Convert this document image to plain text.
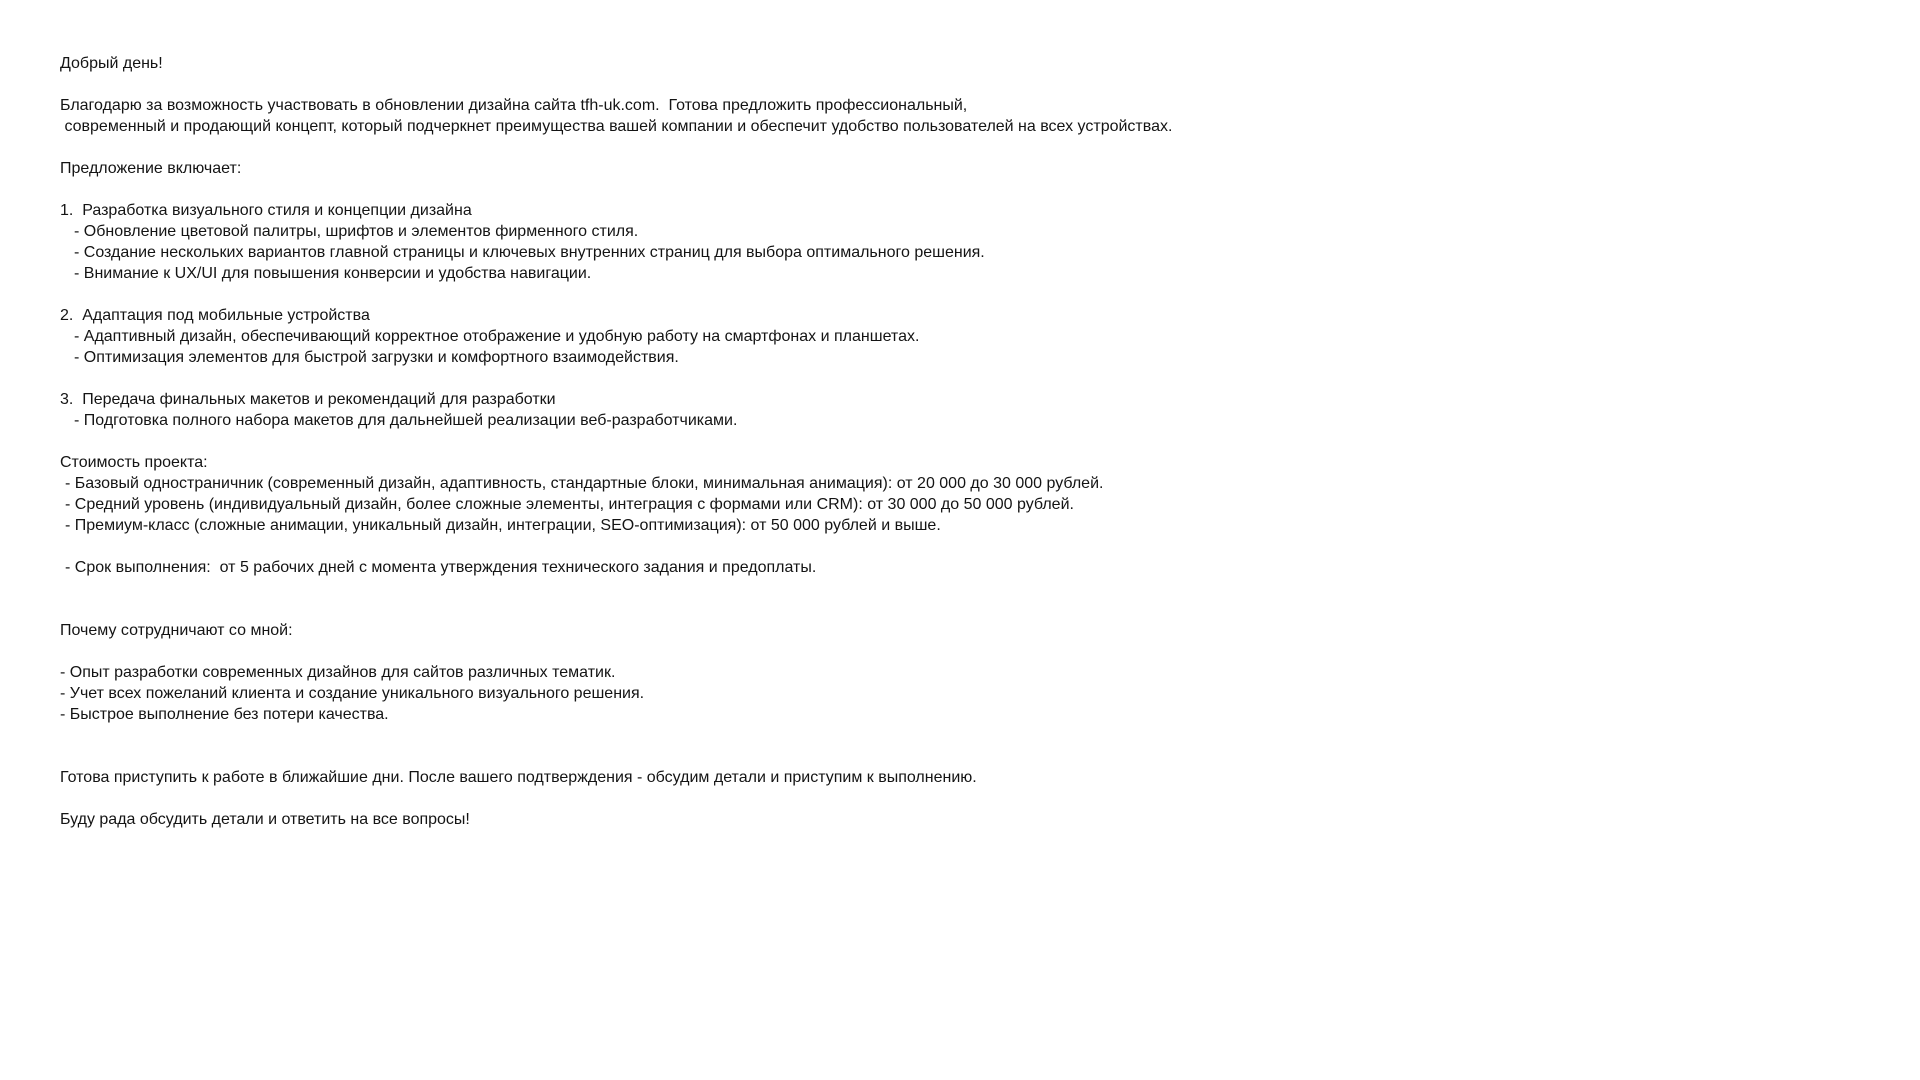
Добрый день!
Благодарю за возможность участвовать в обновлении дизайна сайта tfh-uk.com.  Готова предложить профессиональный,
современный и продающий концепт, который подчеркнет преимущества вашей компании и обеспечит удобство пользователей на всех устройствах.
Предложение включает:
1.  Разработка визуального стиля и концепции дизайна
- Обновление цветовой палитры, шрифтов и элементов фирменного стиля.
- Создание нескольких вариантов главной страницы и ключевых внутренних страниц для выбора оптимального решения.
- Внимание к UX/UI для повышения конверсии и удобства навигации.
2.  Адаптация под мобильные устройства
- Адаптивный дизайн, обеспечивающий корректное отображение и удобную работу на смартфонах и планшетах.
- Оптимизация элементов для быстрой загрузки и комфортного взаимодействия.
3.  Передача финальных макетов и рекомендаций для разработки
- Подготовка полного набора макетов для дальнейшей реализации веб-разработчиками.
Стоимость проекта:
- Базовый одностраничник (современный дизайн, адаптивность, стандартные блоки, минимальная анимация): от 20 000 до 30 000 рублей.
- Средний уровень (индивидуальный дизайн, более сложные элементы, интеграция с формами или CRM): от 30 000 до 50 000 рублей.
- Премиум-класс (сложные анимации, уникальный дизайн, интеграции, SEO-оптимизация): от 50 000 рублей и выше.
- Срок выполнения:  от 5 рабочих дней с момента утверждения технического задания и предоплаты.
Почему сотрудничают со мной:
- Опыт разработки современных дизайнов для сайтов различных тематик.
- Учет всех пожеланий клиента и создание уникального визуального решения.
- Быстрое выполнение без потери качества.
Готова приступить к работе в ближайшие дни. После вашего подтверждения - обсудим детали и приступим к выполнению.
Буду рада обсудить детали и ответить на все вопросы!
